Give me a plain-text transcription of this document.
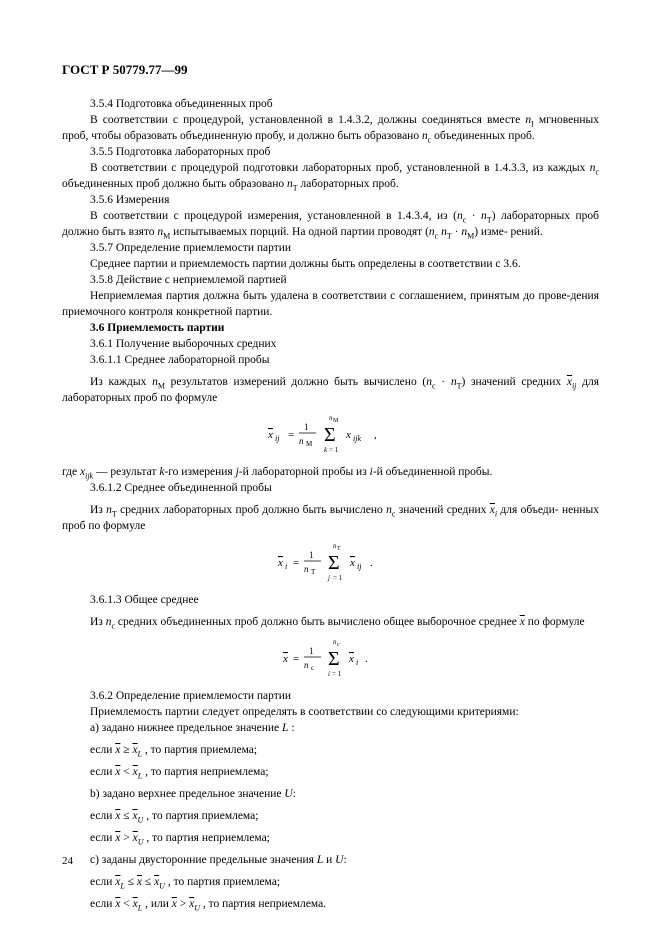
ГОСТ Р 50779.77—99

3.5.4 Подготовка объединенных проб

В соответствии с процедурой, установленной в 1.4.3.2, должны соединяться вместе $n_I$ мгновенных проб, чтобы образовать объединенную пробу, и должно быть образовано $n_c$ объединенных проб.

3.5.5 Подготовка лабораторных проб

В соответствии с процедурой подготовки лабораторных проб, установленной в 1.4.3.3, из каждых $n_c$ объединенных проб должно быть образовано $n_T$ лабораторных проб.

3.5.6 Измерения

В соответствии с процедурой измерения, установленной в 1.4.3.4, из $(n_c \cdot n_T)$ лабораторных проб должно быть взято $n_M$ испытываемых порций. На одной партии проводят ($n_c$ $n_T \cdot n_M$) изме- рений.

3.5.7 Определение приемлемости партии

Среднее партии и приемлемость партии должны быть определены в соответствии с 3.6.

3.5.8 Действие с неприемлемой партией

Неприемлемая партия должна быть удалена в соответствии с соглашением, принятым до прове-дения приемочного контроля конкретной партии.

3.6 Приемлемость партии

3.6.1 Получение выборочных средних

3.6.1.1 Среднее лабораторной пробы

Из каждых $n_M$ результатов измерений должно быть вычислено $(n_c \cdot n_T)$ значений средних $\overline{x}_{ij}$ для лабораторных проб по формуле

x ij =
1
n M
n M
Σ
k = 1
x ijk ,

где $x_{ijk}$ — результат k-го измерения j-й лабораторной пробы из i-й объединенной пробы.

3.6.1.2 Среднее объединенной пробы

Из $n_T$ средних лабораторных проб должно быть вычислено $n_c$ значений средних $\overline{x}_i$ для объеди- ненных проб по формуле

x i =
1
n T
n T
Σ
j = 1
x ij .

3.6.1.3 Общее среднее

Из $n_c$ средних объединенных проб должно быть вычислено общее выборочное среднее $\overline{x}$ по формуле

x =
1
n c
n c
Σ
i = 1
x i .

3.6.2 Определение приемлемости партии

Приемлемость партии следует определять в соответствии со следующими критериями:

а) задано нижнее предельное значение L :

если $\overline{x} \ge \overline{x}_L$ , то партия приемлема;

если $\overline{x} < \overline{x}_L$ , то партия неприемлема;

b) задано верхнее предельное значение U:

если $\overline{x} \le \overline{x}_U$ , то партия приемлема;

если $\overline{x} > \overline{x}_U$ , то партия неприемлема;

с) заданы двусторонние предельные значения L и U:

если $\overline{x}_L \le \overline{x} \le \overline{x}_U$ , то партия приемлема;

если $\overline{x} < \overline{x}_L$ , или $\overline{x} > \overline{x}_U$ , то партия неприемлема.

24
